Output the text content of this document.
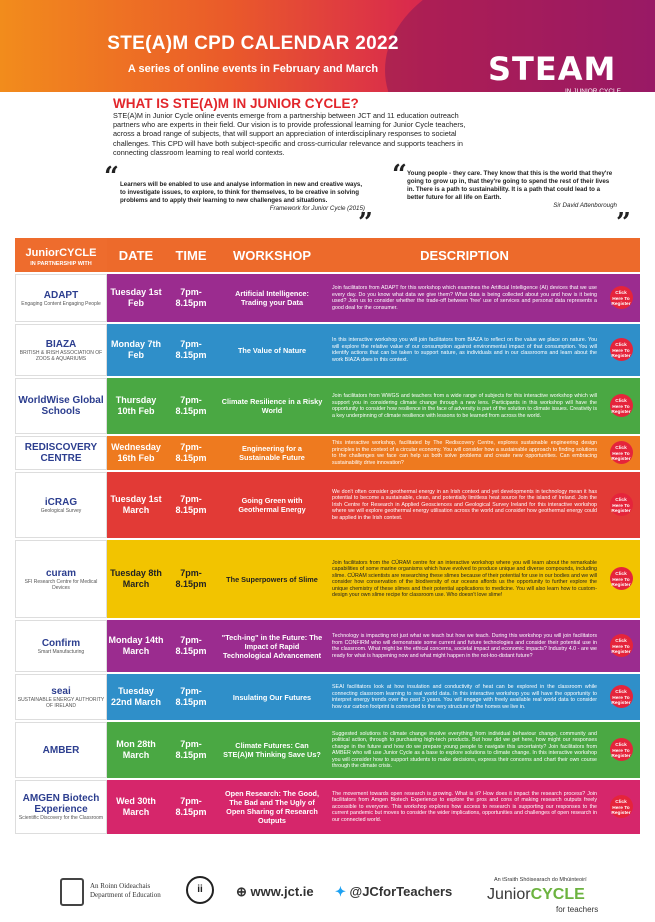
STE(A)M CPD CALENDAR 2022
A series of online events in February and March	STEAM
IN JUNIOR CYCLE
WHAT IS STE(A)M IN JUNIOR CYCLE?
STE(A)M in Junior Cycle online events emerge from a partnership between JCT and 11 education outreach partners who are experts in their field. Our vision is to provide professional learning for Junior Cycle teachers, across a broad range of subjects, that will support an appreciation of interdisciplinary responses to societal challenges. This CPD will have both subject-specific and cross-curricular relevance and supports teachers in connecting classroom learning to real world contexts.
“ Learners will be enabled to use and analyse information in new and creative ways, to investigate issues, to explore, to think for themselves, to be creative in solving problems and to apply their learning to new challenges and situations.
Framework for Junior Cycle (2015)
”
“ Young people - they care. They know that this is the world that they're going to grow up in, that they're going to spend the rest of their lives in. There is a path to sustainability. It is a path that could lead to a better future for all life on Earth.
Sir David Attenborough
”
JuniorCYCLE
IN PARTNERSHIP WITH	DATE	TIME	WORKSHOP	DESCRIPTION	

ADAPT
Engaging Content Engaging People	Tuesday 1st Feb	7pm- 8.15pm	Artificial Intelligence: Trading your Data	Join facilitators from ADAPT for this workshop which examines the Artificial Intelligence (AI) devices that we use every day. Do you know what data we give them? What data is being collected about you and how is it being used? Join us to consider whether the trade-off between 'free' use of services and personal data represents a good deal for the consumer.	Click Here To Register

BIAZA
BRITISH & IRISH ASSOCIATION OF ZOOS & AQUARIUMS	Monday 7th Feb	7pm- 8.15pm	The Value of Nature	In this interactive workshop you will join facilitators from BIAZA to reflect on the value we place on nature. You will explore the relative value of our consumption against environmental impact of that consumption. You will identify actions that can be taken to support nature, as individuals and in our classrooms and learn about the work BIAZA does in this context.	Click Here To Register

WorldWise Global Schools	Thursday 10th Feb	7pm- 8.15pm	Climate Resilience in a Risky World	Join facilitators from WWGS and teachers from a wide range of subjects for this interactive workshop which will support you in considering climate change through a new lens. Participants in this workshop will have the opportunity to consider how resilience in the face of adversity is part of the solution to climate issues. Creativity is a key underpinning of climate resilience with lessons to be learned from across the world.	Click Here To Register

REDISCOVERY CENTRE	Wednesday 16th Feb	7pm- 8.15pm	Engineering for a Sustainable Future	This interactive workshop, facilitated by The Rediscovery Centre, explores sustainable engineering design principles in the context of a circular economy. You will consider how a sustainable approach to finding solutions to the challenges we face can help us both solve problems and create new opportunities. Can embracing sustainability drive innovation?	Click Here To Register

iCRAG
Geological Survey	Tuesday 1st March	7pm- 8.15pm	Going Green with Geothermal Energy	We don't often consider geothermal energy in an Irish context and yet developments in technology mean it has potential to become a sustainable, clean, and potentially limitless heat source for the island of Ireland. Join the Irish Centre for Research in Applied Geosciences and Geological Survey Ireland for this interactive workshop where we will explore geothermal energy utilisation across the world and consider how geothermal energy could be applied in the Irish context.	Click Here To Register

curam
SFI Research Centre for Medical Devices	Tuesday 8th March	7pm- 8.15pm	The Superpowers of Slime	Join facilitators from the CÚRAM centre for an interactive workshop where you will learn about the remarkable capabilities of some marine organisms which have evolved to produce unique and diverse compounds, including slime. CÚRAM scientists are researching these slimes because of their potential for use in our bodies and we will consider how conservation of the biodiversity of our oceans affords us the opportunity to further explore the unique chemistry of these slimes and their potential applications to medicine. You will also learn how to custom-design your own slime recipe for classroom use. Who doesn't love slime!	Click Here To Register

Confirm
Smart Manufacturing	Monday 14th March	7pm- 8.15pm	"Tech-ing" in the Future: The Impact of Rapid Technological Advancement	Technology is impacting not just what we teach but how we teach. During this workshop you will join facilitators from CONFIRM who will demonstrate some current and future technologies and consider their potential use in the classroom. What might be the ethical concerns, societal impact and economic impacts? Industry 4.0 - are we ready for what is happening now and what might happen in the not-too-distant future?	Click Here To Register

seai
SUSTAINABLE ENERGY AUTHORITY OF IRELAND	Tuesday 22nd March	7pm- 8.15pm	Insulating Our Futures	SEAI facilitators look at how insulation and conductivity of heat can be explored in the classroom while connecting classroom learning to real world data. In this interactive workshop you will have the opportunity to interpret energy trends over the past 3 years. You will engage with freely available real world data to consider how our carbon footprint is connected to the very structure of the homes we live in.	Click Here To Register

AMBER	Mon 28th March	7pm- 8.15pm	Climate Futures: Can STE(A)M Thinking Save Us?	Suggested solutions to climate change involve everything from individual behaviour change, community and political action, through to purchasing high-tech products. But how did we get here, how might our responses change in the future and how do we prepare young people to navigate this uncertainty? Join facilitators from AMBER who will use Junior Cycle as a base to explore solutions to climate change. In this interactive workshop you will consider how to support students to make decisions, express their concerns and chart their own course through the climate crisis.	Click Here To Register

AMGEN Biotech Experience
Scientific Discovery for the Classroom	Wed 30th March	7pm- 8.15pm	Open Research: The Good, The Bad and The Ugly of Open Sharing of Research Outputs	The movement towards open research is growing. What is it? How does it impact the research process? Join facilitators from Amgen Biotech Experience to explore the pros and cons of making research outputs freely accessible to everyone. This workshop explores how access to research is supporting our responses to the current pandemic but moves to consider the wider implications, opportunities and challenges of open research in our connected world.	Click Here To Register
An Roinn Oideachais
Department of Education	ii	⊕ www.jct.ie ✦ @JCforTeachers
An tSraith Shóisearach do Mhúinteoirí
JuniorCYCLE
for teachers
